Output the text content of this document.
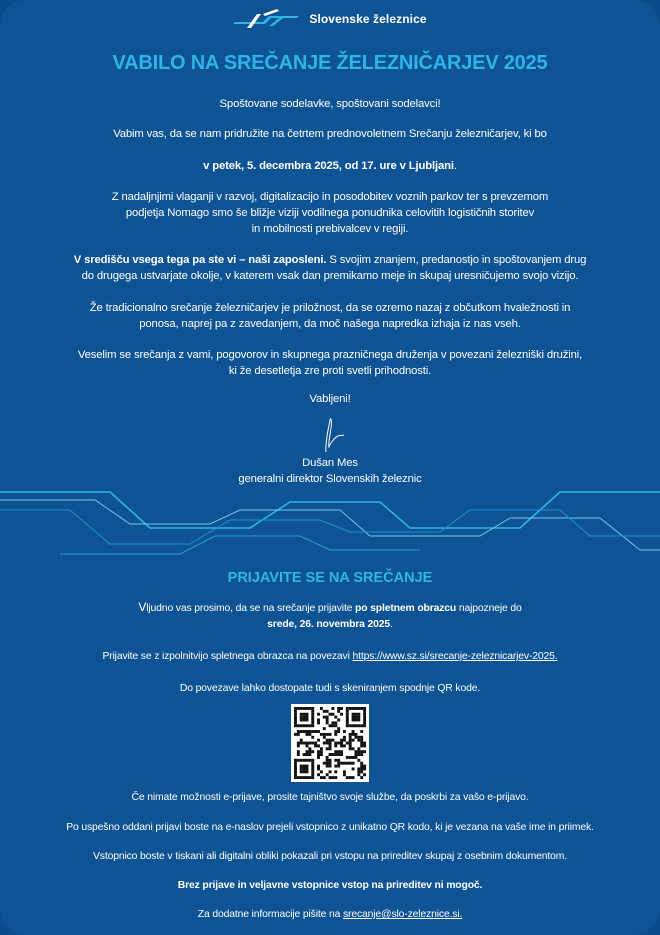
Slovenske železnice
VABILO NA SREČANJE ŽELEZNIČARJEV 2025

Spoštovane sodelavke, spoštovani sodelavci!

Vabim vas, da se nam pridružite na četrtem prednovoletnem Srečanju železničarjev, ki bo

v petek, 5. decembra 2025, od 17. ure v Ljubljani.

Z nadaljnjimi vlaganji v razvoj, digitalizacijo in posodobitev voznih parkov ter s prevzemom

podjetja Nomago smo še bližje viziji vodilnega ponudnika celovitih logističnih storitev

in mobilnosti prebivalcev v regiji.

V središču vsega tega pa ste vi – naši zaposleni. S svojim znanjem, predanostjo in spoštovanjem drug

do drugega ustvarjate okolje, v katerem vsak dan premikamo meje in skupaj uresničujemo svojo vizijo.

Že tradicionalno srečanje železničarjev je priložnost, da se ozremo nazaj z občutkom hvaležnosti in

ponosa, naprej pa z zavedanjem, da moč našega napredka izhaja iz nas vseh.

Veselim se srečanja z vami, pogovorov in skupnega prazničnega druženja v povezani železniški družini,

ki že desetletja zre proti svetli prihodnosti.

Vabljeni!

Dušan Mes

generalni direktor Slovenskih železnic

PRIJAVITE SE NA SREČANJE

Vljudno vas prosimo, da se na srečanje prijavite po spletnem obrazcu najpozneje do

srede, 26. novembra 2025.

Prijavite se z izpolnitvijo spletnega obrazca na povezavi https://www.sz.si/srecanje-zeleznicarjev-2025.

Do povezave lahko dostopate tudi s skeniranjem spodnje QR kode.

Če nimate možnosti e-prijave, prosite tajništvo svoje službe, da poskrbi za vašo e-prijavo.

Po uspešno oddani prijavi boste na e-naslov prejeli vstopnico z unikatno QR kodo, ki je vezana na vaše ime in priimek.

Vstopnico boste v tiskani ali digitalni obliki pokazali pri vstopu na prireditev skupaj z osebnim dokumentom.

Brez prijave in veljavne vstopnice vstop na prireditev ni mogoč.

Za dodatne informacije pišite na srecanje@slo-zeleznice.si.
